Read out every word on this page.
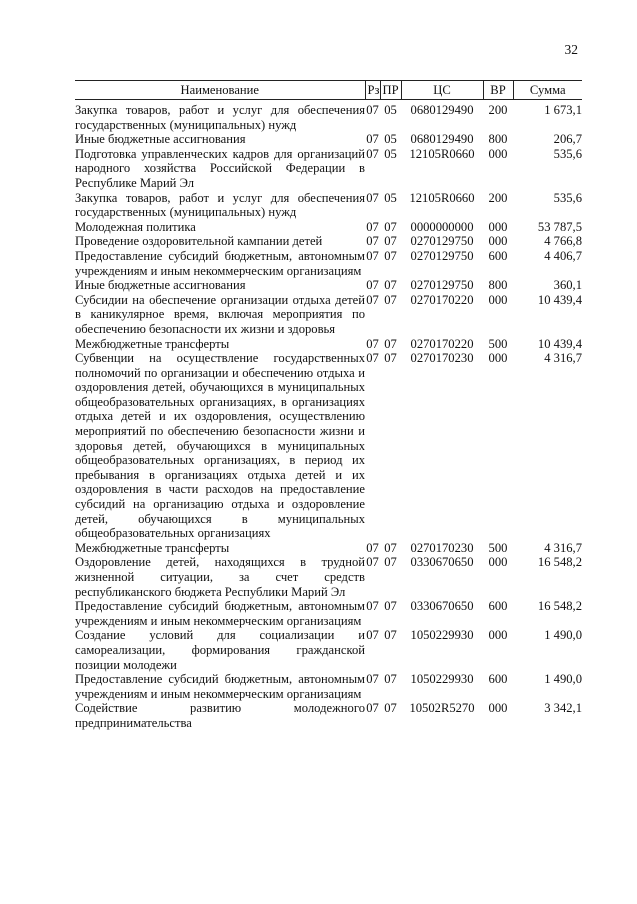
32
Наименование	Рз	ПР	ЦС	ВР	Сумма
Закупка товаров, работ и услуг для обеспечения государственных (муниципальных) нужд	07	05	0680129490	200	1 673,1
Иные бюджетные ассигнования	07	05	0680129490	800	206,7
Подготовка управленческих кадров для организаций народного хозяйства Российской Федерации в Республике Марий Эл	07	05	12105R0660	000	535,6
Закупка товаров, работ и услуг для обеспечения государственных (муниципальных) нужд	07	05	12105R0660	200	535,6
Молодежная политика	07	07	0000000000	000	53 787,5
Проведение оздоровительной кампании детей	07	07	0270129750	000	4 766,8
Предоставление субсидий бюджетным, автономным учреждениям и иным некоммерческим организациям	07	07	0270129750	600	4 406,7
Иные бюджетные ассигнования	07	07	0270129750	800	360,1
Субсидии на обеспечение организации отдыха детей в каникулярное время, включая мероприятия по обеспечению безопасности их жизни и здоровья	07	07	0270170220	000	10 439,4
Межбюджетные трансферты	07	07	0270170220	500	10 439,4
Субвенции на осуществление государственных полномочий по организации и обеспечению отдыха и оздоровления детей, обучающихся в муниципальных общеобразовательных организациях, в организациях отдыха детей и их оздоровления, осуществлению мероприятий по обеспечению безопасности жизни и здоровья детей, обучающихся в муниципальных общеобразовательных организациях, в период их пребывания в организациях отдыха детей и их оздоровления в части расходов на предоставление субсидий на организацию отдыха и оздоровление детей, обучающихся в муниципальных общеобразовательных организациях	07	07	0270170230	000	4 316,7
Межбюджетные трансферты	07	07	0270170230	500	4 316,7
Оздоровление детей, находящихся в трудной жизненной ситуации, за счет средств республиканского бюджета Республики Марий Эл	07	07	0330670650	000	16 548,2
Предоставление субсидий бюджетным, автономным учреждениям и иным некоммерческим организациям	07	07	0330670650	600	16 548,2
Создание условий для социализации и самореализации, формирования гражданской позиции молодежи	07	07	1050229930	000	1 490,0
Предоставление субсидий бюджетным, автономным учреждениям и иным некоммерческим организациям	07	07	1050229930	600	1 490,0
Содействие развитию молодежного предпринимательства	07	07	10502R5270	000	3 342,1
